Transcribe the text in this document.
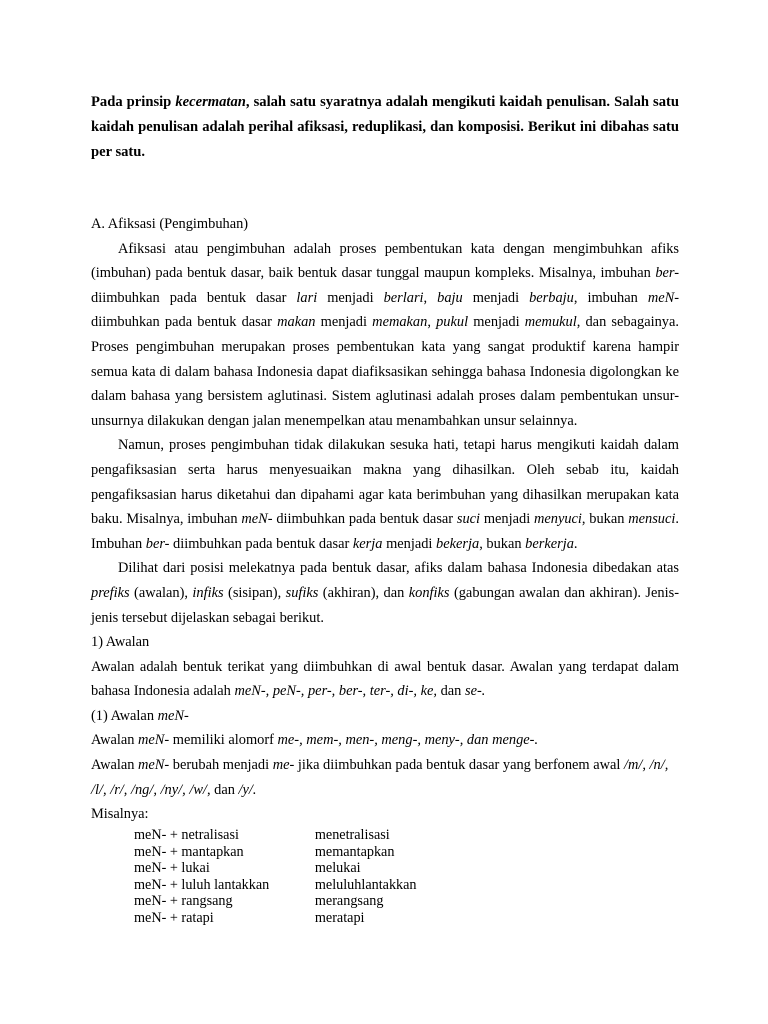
Pada prinsip kecermatan, salah satu syaratnya adalah mengikuti kaidah penulisan. Salah satu kaidah penulisan adalah perihal afiksasi, reduplikasi, dan komposisi. Berikut ini dibahas satu per satu.

A. Afiksasi (Pengimbuhan)

Afiksasi atau pengimbuhan adalah proses pembentukan kata dengan mengimbuhkan afiks (imbuhan) pada bentuk dasar, baik bentuk dasar tunggal maupun kompleks. Misalnya, imbuhan ber- diimbuhkan pada bentuk dasar lari menjadi berlari, baju menjadi berbaju, imbuhan meN- diimbuhkan pada bentuk dasar makan menjadi memakan, pukul menjadi memukul, dan sebagainya. Proses pengimbuhan merupakan proses pembentukan kata yang sangat produktif karena hampir semua kata di dalam bahasa Indonesia dapat diafiksasikan sehingga bahasa Indonesia digolongkan ke dalam bahasa yang bersistem aglutinasi. Sistem aglutinasi adalah proses dalam pembentukan unsur-unsurnya dilakukan dengan jalan menempelkan atau menambahkan unsur selainnya.

Namun, proses pengimbuhan tidak dilakukan sesuka hati, tetapi harus mengikuti kaidah dalam pengafiksasian serta harus menyesuaikan makna yang dihasilkan. Oleh sebab itu, kaidah pengafiksasian harus diketahui dan dipahami agar kata berimbuhan yang dihasilkan merupakan kata baku. Misalnya, imbuhan meN- diimbuhkan pada bentuk dasar suci menjadi menyuci, bukan mensuci. Imbuhan ber- diimbuhkan pada bentuk dasar kerja menjadi bekerja, bukan berkerja.

Dilihat dari posisi melekatnya pada bentuk dasar, afiks dalam bahasa Indonesia dibedakan atas prefiks (awalan), infiks (sisipan), sufiks (akhiran), dan konfiks (gabungan awalan dan akhiran). Jenis-jenis tersebut dijelaskan sebagai berikut.

1) Awalan

Awalan adalah bentuk terikat yang diimbuhkan di awal bentuk dasar. Awalan yang terdapat dalam bahasa Indonesia adalah meN-, peN-, per-, ber-, ter-, di-, ke, dan se-.

(1) Awalan meN-

Awalan meN- memiliki alomorf me-, mem-, men-, meng-, meny-, dan menge-.

Awalan meN- berubah menjadi me- jika diimbuhkan pada bentuk dasar yang berfonem awal /m/, /n/, /l/, /r/, /ng/, /ny/, /w/, dan /y/.

Misalnya:

meN- + netralisasi	menetralisasi
meN- + mantapkan	memantapkan
meN- + lukai	melukai
meN- + luluh lantakkan	meluluhlantakkan
meN- + rangsang	merangsang
meN- + ratapi	meratapi
